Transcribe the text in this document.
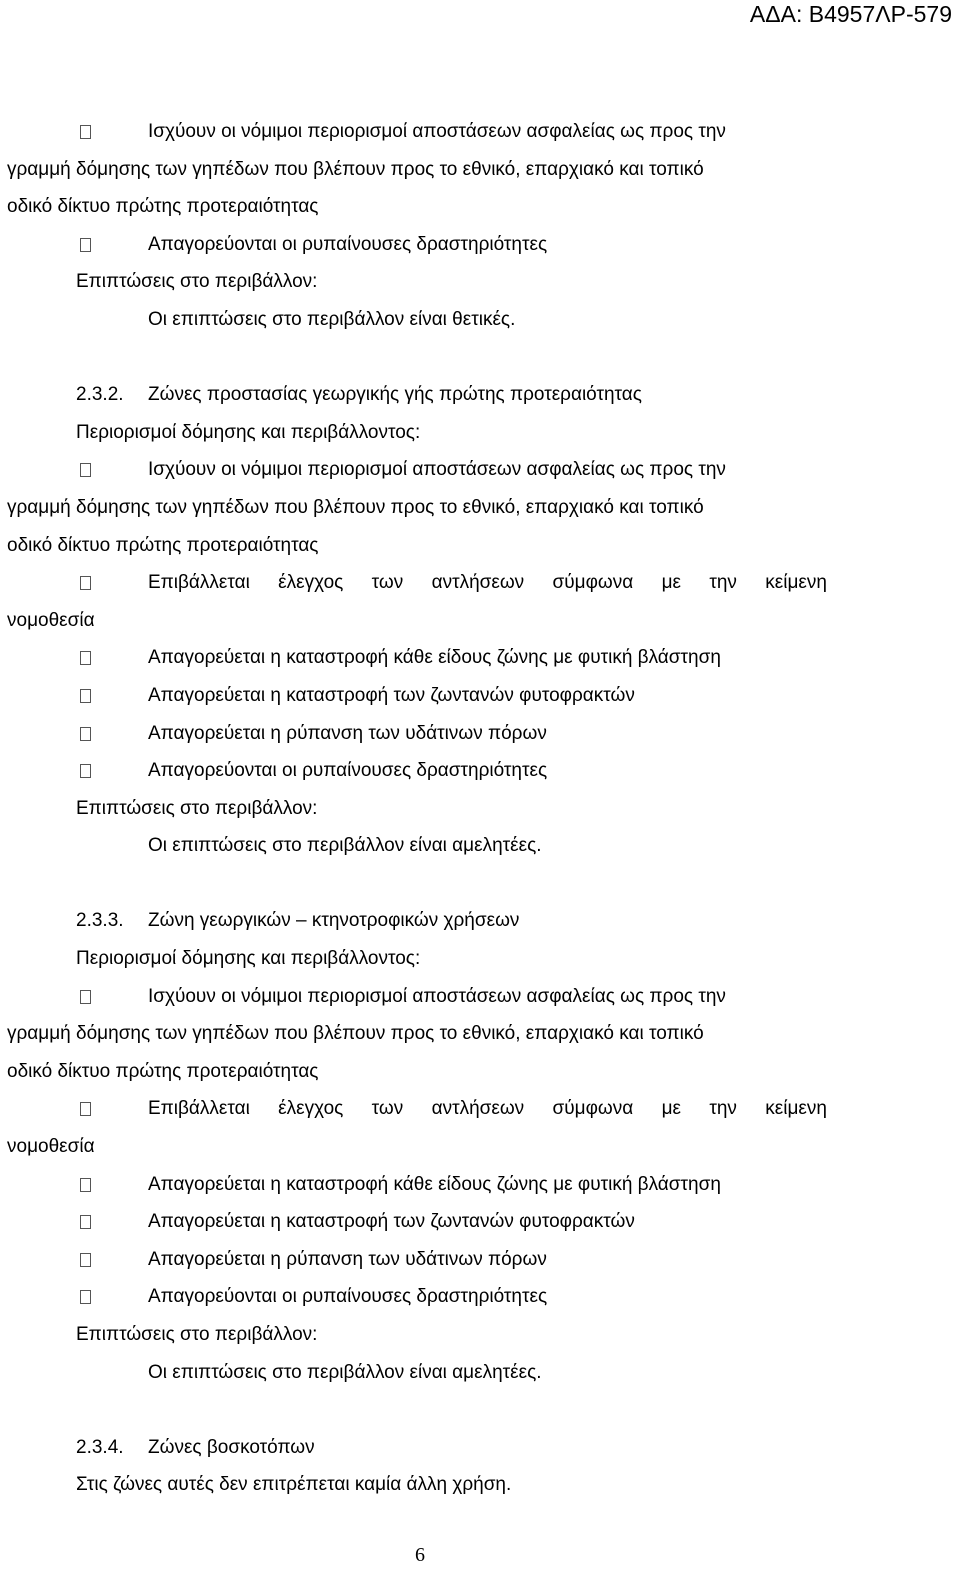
ΑΔΑ: Β4957ΛΡ-579
Ισχύουν οι νόμιμοι περιορισμοί αποστάσεων ασφαλείας ως προς την
γραμμή δόμησης των γηπέδων που βλέπουν προς το εθνικό, επαρχιακό και τοπικό
οδικό δίκτυο πρώτης προτεραιότητας
Απαγορεύονται οι ρυπαίνουσες δραστηριότητες
Επιπτώσεις στο περιβάλλον:
Οι επιπτώσεις στο περιβάλλον είναι θετικές.
2.3.2. Ζώνες προστασίας γεωργικής γής πρώτης προτεραιότητας
Περιορισμοί δόμησης και περιβάλλοντος:
Ισχύουν οι νόμιμοι περιορισμοί αποστάσεων ασφαλείας ως προς την
γραμμή δόμησης των γηπέδων που βλέπουν προς το εθνικό, επαρχιακό και τοπικό
οδικό δίκτυο πρώτης προτεραιότητας
Επιβάλλεται έλεγχος των αντλήσεων σύμφωνα με την κείμενη
νομοθεσία
Απαγορεύεται η καταστροφή κάθε είδους ζώνης με φυτική βλάστηση
Απαγορεύεται η καταστροφή των ζωντανών φυτοφρακτών
Απαγορεύεται η ρύπανση των υδάτινων πόρων
Απαγορεύονται οι ρυπαίνουσες δραστηριότητες
Επιπτώσεις στο περιβάλλον:
Οι επιπτώσεις στο περιβάλλον είναι αμελητέες.
2.3.3. Ζώνη γεωργικών – κτηνοτροφικών χρήσεων
Περιορισμοί δόμησης και περιβάλλοντος:
Ισχύουν οι νόμιμοι περιορισμοί αποστάσεων ασφαλείας ως προς την
γραμμή δόμησης των γηπέδων που βλέπουν προς το εθνικό, επαρχιακό και τοπικό
οδικό δίκτυο πρώτης προτεραιότητας
Επιβάλλεται έλεγχος των αντλήσεων σύμφωνα με την κείμενη
νομοθεσία
Απαγορεύεται η καταστροφή κάθε είδους ζώνης με φυτική βλάστηση
Απαγορεύεται η καταστροφή των ζωντανών φυτοφρακτών
Απαγορεύεται η ρύπανση των υδάτινων πόρων
Απαγορεύονται οι ρυπαίνουσες δραστηριότητες
Επιπτώσεις στο περιβάλλον:
Οι επιπτώσεις στο περιβάλλον είναι αμελητέες.
2.3.4. Ζώνες βοσκοτόπων
Στις ζώνες αυτές δεν επιτρέπεται καμία άλλη χρήση.
6
